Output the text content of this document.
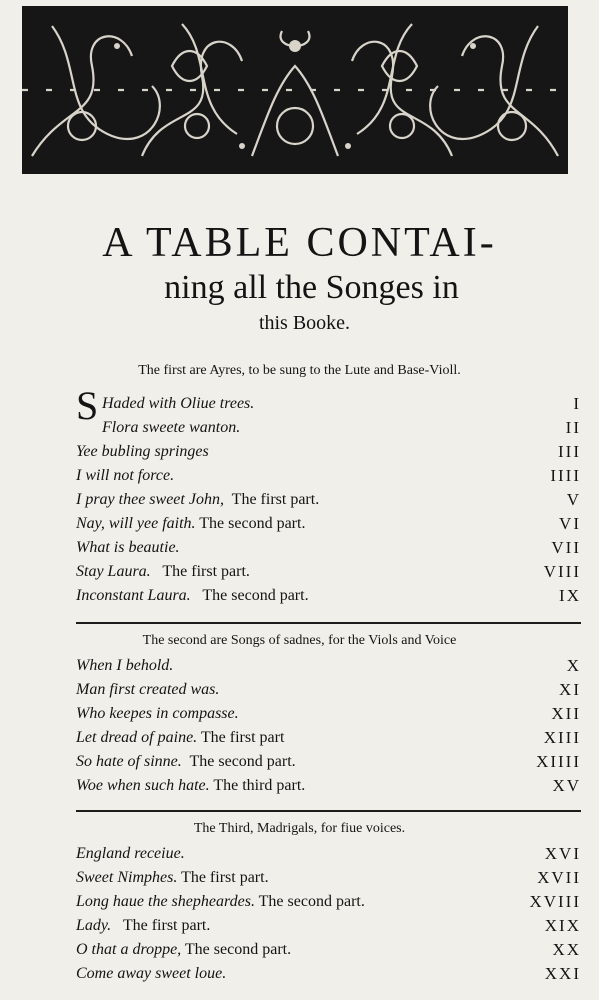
A TABLE CONTAI-
ning all the Songes in
this Booke.
The first are Ayres, to be sung to the Lute and Base-Violl.
S Haded with Oliue trees.	I
Flora sweete wanton.	II
Yee bubling springes	III
I will not force.	IIII
I pray thee sweet John, The first part.	V
Nay, will yee faith. The second part.	VI
What is beautie.	VII
Stay Laura. The first part.	VIII
Inconstant Laura. The second part.	IX
The second are Songs of sadnes, for the Viols and Voice
When I behold.	X
Man first created was.	XI
Who keepes in compasse.	XII
Let dread of paine. The first part	XIII
So hate of sinne. The second part.	XIIII
Woe when such hate. The third part.	XV
The Third, Madrigals, for fiue voices.
England receiue.	XVI
Sweet Nimphes. The first part.	XVII
Long haue the shepheardes. The second part.	XVIII
Lady. The first part.	XIX
O that a droppe, The second part.	XX
Come away sweet loue.	XXI
